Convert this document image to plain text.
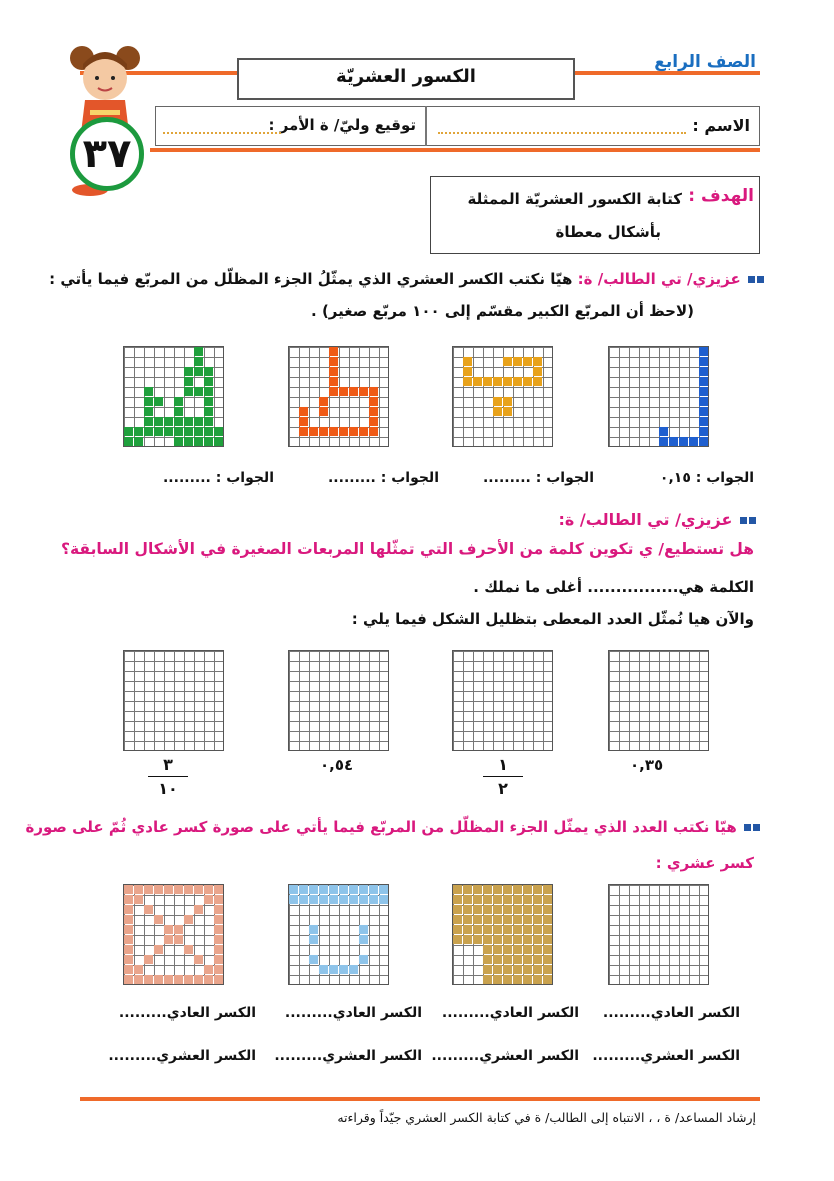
٣٧
الصف الرابع
الكسور العشريّة
الاسم :
توقيع وليّ/ ة الأمر :
الهدف :
كتابة الكسور العشريّة الممثلة
بأشكال معطاة
عزيزي/ تي الطالب/ ة: هيّا نكتب الكسر العشري الذي يمثّلُ الجزء المظلّل من المربّع فيما يأتي :
(لاحظ أن المربّع الكبير مقسّم إلى ١٠٠ مربّع صغير) .
الجواب : ٠,١٥
الجواب : .........
الجواب : .........
الجواب : .........
عزيزي/ تي الطالب/ ة:
هل تستطيع/ ي تكوين كلمة من الأحرف التي تمثّلها المربعات الصغيرة في الأشكال السابقة؟
الكلمة هي................ أغلى ما نملك .
والآن هيا نُمثّل العدد المعطى بتظليل الشكل فيما يلي :
٠,٣٥
١
٢
٠,٥٤
٣
١٠
هيّا نكتب العدد الذي يمثّل الجزء المظلّل من المربّع فيما يأتي على صورة كسر عادي ثُمّ على صورة
كسر عشري :
الكسر العادي.........
الكسر العادي.........
الكسر العادي.........
الكسر العادي.........
الكسر العشري.........
الكسر العشري.........
الكسر العشري.........
الكسر العشري.........
إرشاد المساعد/ ة ، ، الانتباه إلى الطالب/ ة في كتابة الكسر العشري جيّداً وقراءته
